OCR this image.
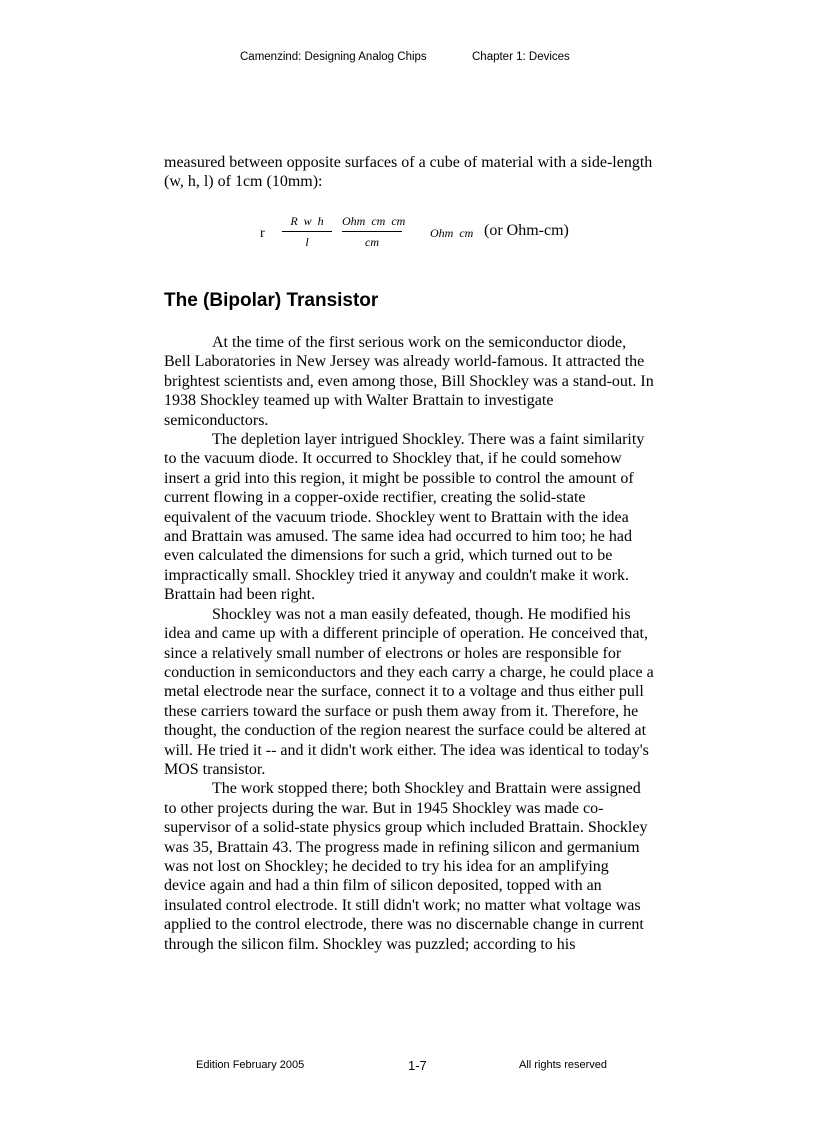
Camenzind: Designing Analog Chips	Chapter 1: Devices
measured between opposite surfaces of a cube of material with a side-length (w, h, l) of 1cm (10mm):
r
R  w  h
l
Ohm  cm  cm
cm
Ohm  cm (or Ohm-cm)
The (Bipolar) Transistor

At the time of the first serious work on the semiconductor diode, Bell Laboratories in New Jersey was already world-famous. It attracted the brightest scientists and, even among those, Bill Shockley was a stand-out. In 1938 Shockley teamed up with Walter Brattain to investigate semiconductors.

The depletion layer intrigued Shockley. There was a faint similarity to the vacuum diode. It occurred to Shockley that, if he could somehow insert a grid into this region, it might be possible to control the amount of current flowing in a copper-oxide rectifier, creating the solid-state equivalent of the vacuum triode. Shockley went to Brattain with the idea and Brattain was amused. The same idea had occurred to him too; he had even calculated the dimensions for such a grid, which turned out to be impractically small. Shockley tried it anyway and couldn't make it work. Brattain had been right.

Shockley was not a man easily defeated, though. He modified his idea and came up with a different principle of operation. He conceived that, since a relatively small number of electrons or holes are responsible for conduction in semiconductors and they each carry a charge, he could place a metal electrode near the surface, connect it to a voltage and thus either pull these carriers toward the surface or push them away from it. Therefore, he thought, the conduction of the region nearest the surface could be altered at will. He tried it -- and it didn't work either. The idea was identical to today's MOS transistor.

The work stopped there; both Shockley and Brattain were assigned to other projects during the war. But in 1945 Shockley was made co-supervisor of a solid-state physics group which included Brattain. Shockley was 35, Brattain 43. The progress made in refining silicon and germanium was not lost on Shockley; he decided to try his idea for an amplifying device again and had a thin film of silicon deposited, topped with an insulated control electrode. It still didn't work; no matter what voltage was applied to the control electrode, there was no discernable change in current through the silicon film. Shockley was puzzled; according to his

Edition February 2005	1-7	All rights reserved
